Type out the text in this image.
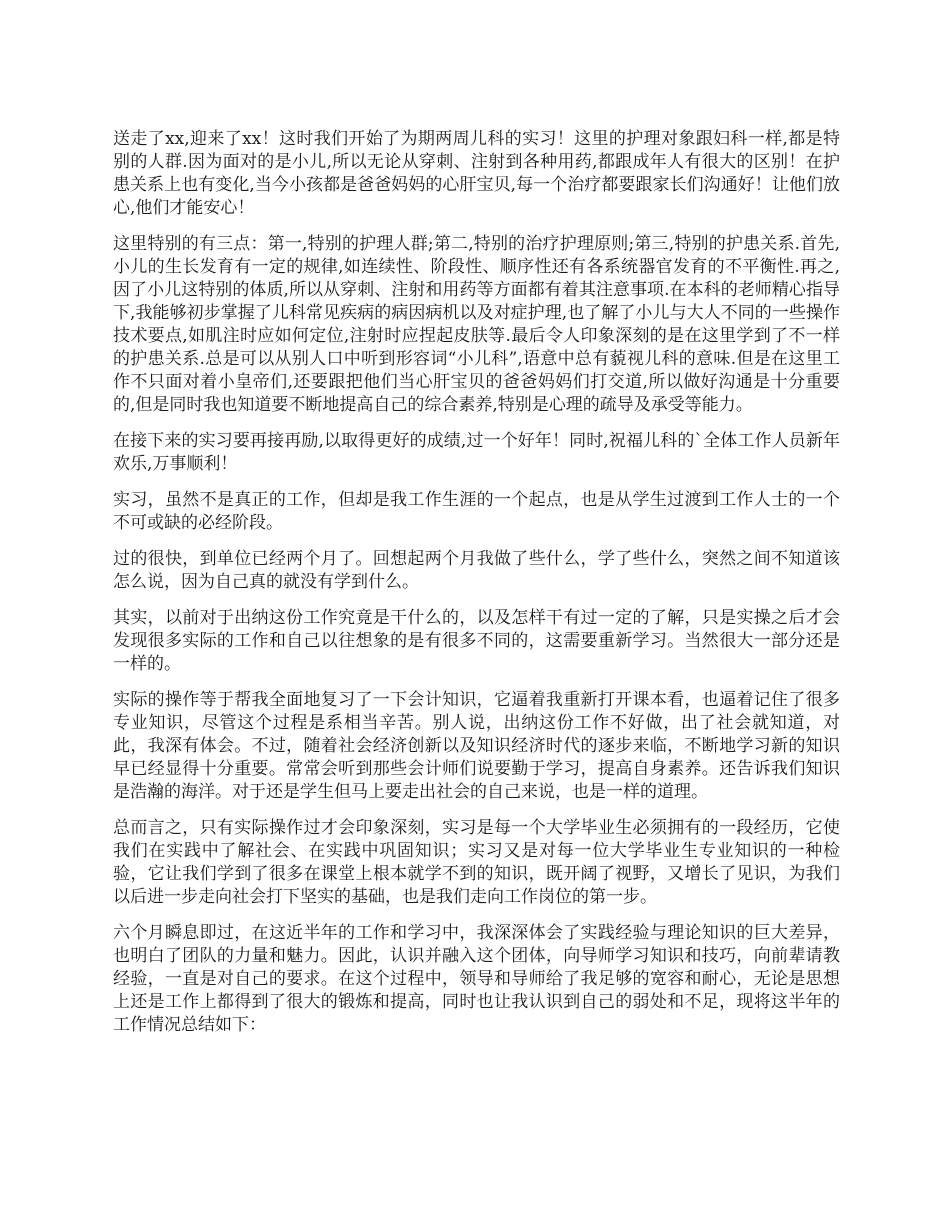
送走了xx,迎来了xx！这时我们开始了为期两周儿科的实习！这里的护理对象跟妇科一样,都是特别的人群.因为面对的是小儿,所以无论从穿刺、注射到各种用药,都跟成年人有很大的区别！在护患关系上也有变化,当今小孩都是爸爸妈妈的心肝宝贝,每一个治疗都要跟家长们沟通好！让他们放心,他们才能安心！

这里特别的有三点：第一,特别的护理人群;第二,特别的治疗护理原则;第三,特别的护患关系.首先,小儿的生长发育有一定的规律,如连续性、阶段性、顺序性还有各系统器官发育的不平衡性.再之,因了小儿这特别的体质,所以从穿刺、注射和用药等方面都有着其注意事项.在本科的老师精心指导下,我能够初步掌握了儿科常见疾病的病因病机以及对症护理,也了解了小儿与大人不同的一些操作技术要点,如肌注时应如何定位,注射时应捏起皮肤等.最后令人印象深刻的是在这里学到了不一样的护患关系.总是可以从别人口中听到形容词“小儿科”,语意中总有藐视儿科的意味.但是在这里工作不只面对着小皇帝们,还要跟把他们当心肝宝贝的爸爸妈妈们打交道,所以做好沟通是十分重要的,但是同时我也知道要不断地提高自己的综合素养,特别是心理的疏导及承受等能力。

在接下来的实习要再接再励,以取得更好的成绩,过一个好年！同时,祝福儿科的`全体工作人员新年欢乐,万事顺利！

实习，虽然不是真正的工作，但却是我工作生涯的一个起点，也是从学生过渡到工作人士的一个不可或缺的必经阶段。

过的很快，到单位已经两个月了。回想起两个月我做了些什么，学了些什么，突然之间不知道该怎么说，因为自己真的就没有学到什么。

其实，以前对于出纳这份工作究竟是干什么的，以及怎样干有过一定的了解，只是实操之后才会发现很多实际的工作和自己以往想象的是有很多不同的，这需要重新学习。当然很大一部分还是一样的。

实际的操作等于帮我全面地复习了一下会计知识，它逼着我重新打开课本看，也逼着记住了很多专业知识，尽管这个过程是系相当辛苦。别人说，出纳这份工作不好做，出了社会就知道，对此，我深有体会。不过，随着社会经济创新以及知识经济时代的逐步来临，不断地学习新的知识早已经显得十分重要。常常会听到那些会计师们说要勤于学习，提高自身素养。还告诉我们知识是浩瀚的海洋。对于还是学生但马上要走出社会的自己来说，也是一样的道理。

总而言之，只有实际操作过才会印象深刻，实习是每一个大学毕业生必须拥有的一段经历，它使我们在实践中了解社会、在实践中巩固知识；实习又是对每一位大学毕业生专业知识的一种检验，它让我们学到了很多在课堂上根本就学不到的知识，既开阔了视野，又增长了见识，为我们以后进一步走向社会打下坚实的基础，也是我们走向工作岗位的第一步。

六个月瞬息即过，在这近半年的工作和学习中，我深深体会了实践经验与理论知识的巨大差异，也明白了团队的力量和魅力。因此，认识并融入这个团体，向导师学习知识和技巧，向前辈请教经验，一直是对自己的要求。在这个过程中，领导和导师给了我足够的宽容和耐心，无论是思想上还是工作上都得到了很大的锻炼和提高，同时也让我认识到自己的弱处和不足，现将这半年的工作情况总结如下：
